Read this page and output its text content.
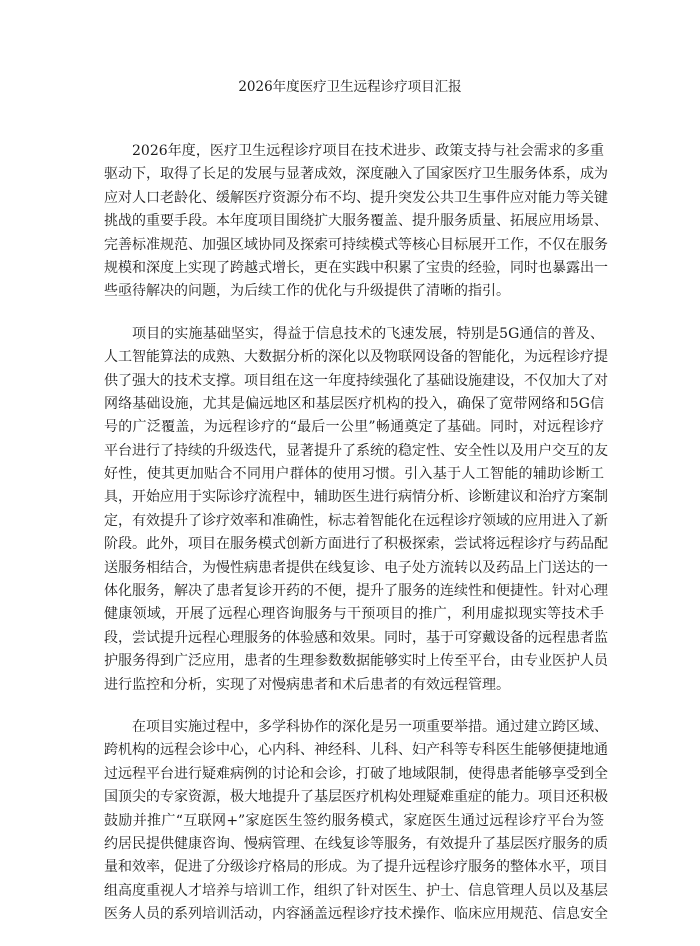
2026年度医疗卫生远程诊疗项目汇报
2026年度，医疗卫生远程诊疗项目在技术进步、政策支持与社会需求的多重
驱动下，取得了长足的发展与显著成效，深度融入了国家医疗卫生服务体系，成为
应对人口老龄化、缓解医疗资源分布不均、提升突发公共卫生事件应对能力等关键
挑战的重要手段。本年度项目围绕扩大服务覆盖、提升服务质量、拓展应用场景、
完善标准规范、加强区域协同及探索可持续模式等核心目标展开工作，不仅在服务
规模和深度上实现了跨越式增长，更在实践中积累了宝贵的经验，同时也暴露出一
些亟待解决的问题，为后续工作的优化与升级提供了清晰的指引。
项目的实施基础坚实，得益于信息技术的飞速发展，特别是5G通信的普及、
人工智能算法的成熟、大数据分析的深化以及物联网设备的智能化，为远程诊疗提
供了强大的技术支撑。项目组在这一年度持续强化了基础设施建设，不仅加大了对
网络基础设施，尤其是偏远地区和基层医疗机构的投入，确保了宽带网络和5G信
号的广泛覆盖，为远程诊疗的“最后一公里”畅通奠定了基础。同时，对远程诊疗
平台进行了持续的升级迭代，显著提升了系统的稳定性、安全性以及用户交互的友
好性，使其更加贴合不同用户群体的使用习惯。引入基于人工智能的辅助诊断工
具，开始应用于实际诊疗流程中，辅助医生进行病情分析、诊断建议和治疗方案制
定，有效提升了诊疗效率和准确性，标志着智能化在远程诊疗领域的应用进入了新
阶段。此外，项目在服务模式创新方面进行了积极探索，尝试将远程诊疗与药品配
送服务相结合，为慢性病患者提供在线复诊、电子处方流转以及药品上门送达的一
体化服务，解决了患者复诊开药的不便，提升了服务的连续性和便捷性。针对心理
健康领域，开展了远程心理咨询服务与干预项目的推广，利用虚拟现实等技术手
段，尝试提升远程心理服务的体验感和效果。同时，基于可穿戴设备的远程患者监
护服务得到广泛应用，患者的生理参数数据能够实时上传至平台，由专业医护人员
进行监控和分析，实现了对慢病患者和术后患者的有效远程管理。
在项目实施过程中，多学科协作的深化是另一项重要举措。通过建立跨区域、
跨机构的远程会诊中心，心内科、神经科、儿科、妇产科等专科医生能够便捷地通
过远程平台进行疑难病例的讨论和会诊，打破了地域限制，使得患者能够享受到全
国顶尖的专家资源，极大地提升了基层医疗机构处理疑难重症的能力。项目还积极
鼓励并推广“互联网+”家庭医生签约服务模式，家庭医生通过远程诊疗平台为签
约居民提供健康咨询、慢病管理、在线复诊等服务，有效提升了基层医疗服务的质
量和效率，促进了分级诊疗格局的形成。为了提升远程诊疗服务的整体水平，项目
组高度重视人才培养与培训工作，组织了针对医生、护士、信息管理人员以及基层
医务人员的系列培训活动，内容涵盖远程诊疗技术操作、临床应用规范、信息安全
